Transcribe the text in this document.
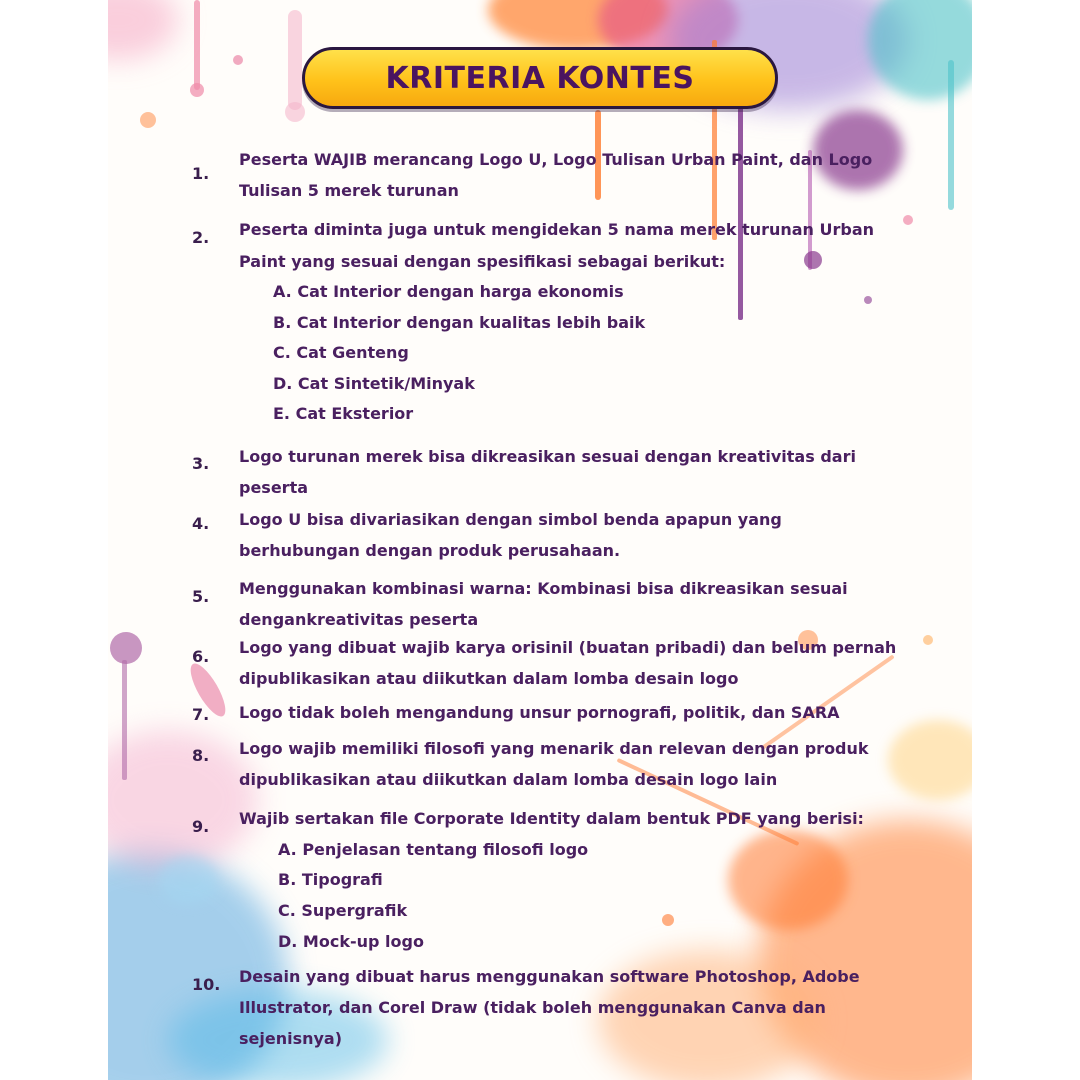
KRITERIA KONTES
1.
Peserta WAJIB merancang Logo U, Logo Tulisan Urban Paint, dan Logo
Tulisan 5 merek turunan
2. Peserta diminta juga untuk mengidekan 5 nama merek turunan Urban
Paint yang sesuai dengan spesifikasi sebagai berikut:
A. Cat Interior dengan harga ekonomis
B. Cat Interior dengan kualitas lebih baik
C. Cat Genteng
D. Cat Sintetik/Minyak
E. Cat Eksterior
3. Logo turunan merek bisa dikreasikan sesuai dengan kreativitas dari
peserta
4. Logo U bisa divariasikan dengan simbol benda apapun yang
berhubungan dengan produk perusahaan.
5. Menggunakan kombinasi warna: Kombinasi bisa dikreasikan sesuai
dengankreativitas peserta
6. Logo yang dibuat wajib karya orisinil (buatan pribadi) dan belum pernah
dipublikasikan atau diikutkan dalam lomba desain logo
7. Logo tidak boleh mengandung unsur pornografi, politik, dan SARA
8. Logo wajib memiliki filosofi yang menarik dan relevan dengan produk
dipublikasikan atau diikutkan dalam lomba desain logo lain
9. Wajib sertakan file Corporate Identity dalam bentuk PDF yang berisi:
A. Penjelasan tentang filosofi logo
B. Tipografi
C. Supergrafik
D. Mock-up logo
10. Desain yang dibuat harus menggunakan software Photoshop, Adobe
Illustrator, dan Corel Draw (tidak boleh menggunakan Canva dan
sejenisnya)
